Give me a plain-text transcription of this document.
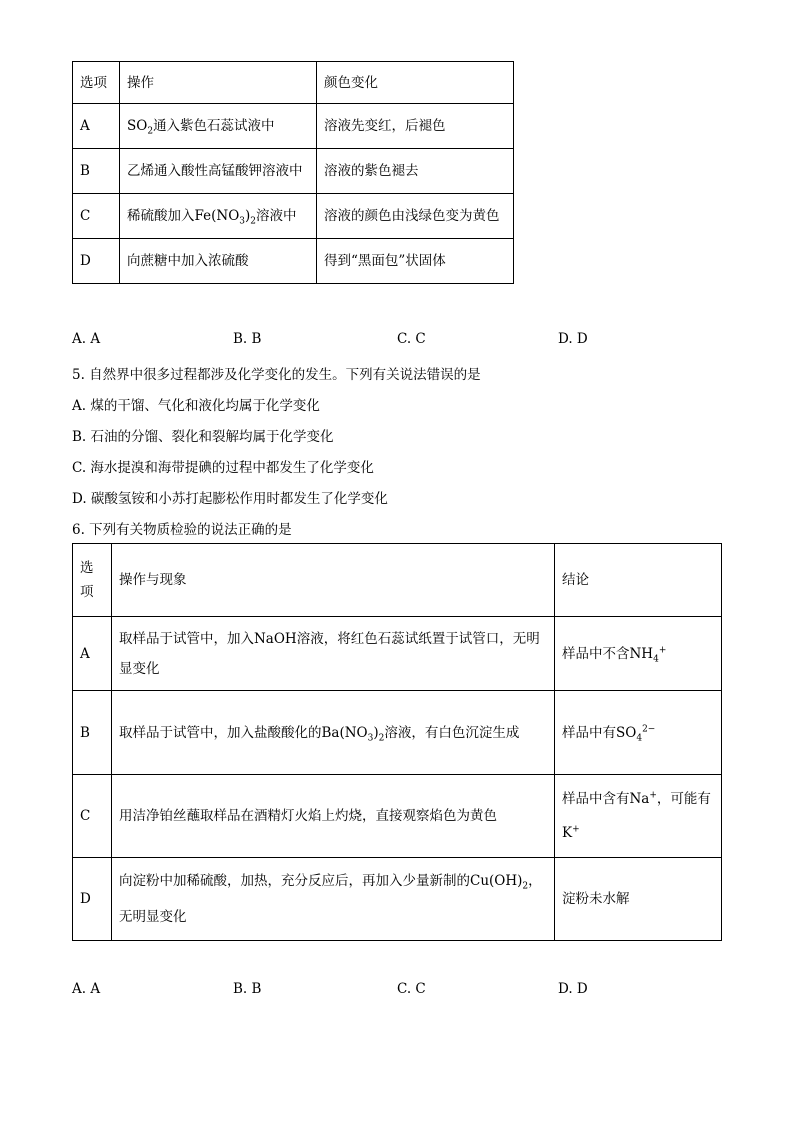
选项	操作	颜色变化
A	$SO_2$通入紫色石蕊试液中	溶液先变红，后褪色
B	乙烯通入酸性高锰酸钾溶液中	溶液的紫色褪去
C	稀硫酸加入$Fe(NO_3)_2$溶液中	溶液的颜色由浅绿色变为黄色
D	向蔗糖中加入浓硫酸	得到“黑面包”状固体
A. A	B. B	C. C	D. D
5. 自然界中很多过程都涉及化学变化的发生。下列有关说法错误的是
A. 煤的干馏、气化和液化均属于化学变化
B. 石油的分馏、裂化和裂解均属于化学变化
C. 海水提溴和海带提碘的过程中都发生了化学变化
D. 碳酸氢铵和小苏打起膨松作用时都发生了化学变化
6. 下列有关物质检验的说法正确的是
选项	操作与现象	结论
A	取样品于试管中，加入NaOH溶液，将红色石蕊试纸置于试管口，无明显变化	样品中不含$NH_4^+$
B	取样品于试管中，加入盐酸酸化的$Ba(NO_3)_2$溶液，有白色沉淀生成	样品中有$SO_4^{2-}$
C	用洁净铂丝蘸取样品在酒精灯火焰上灼烧，直接观察焰色为黄色	样品中含有Na+，可能有K+
D	向淀粉中加稀硫酸，加热，充分反应后，再加入少量新制的$Cu(OH)_2$，无明显变化	淀粉未水解
A. A	B. B	C. C	D. D
